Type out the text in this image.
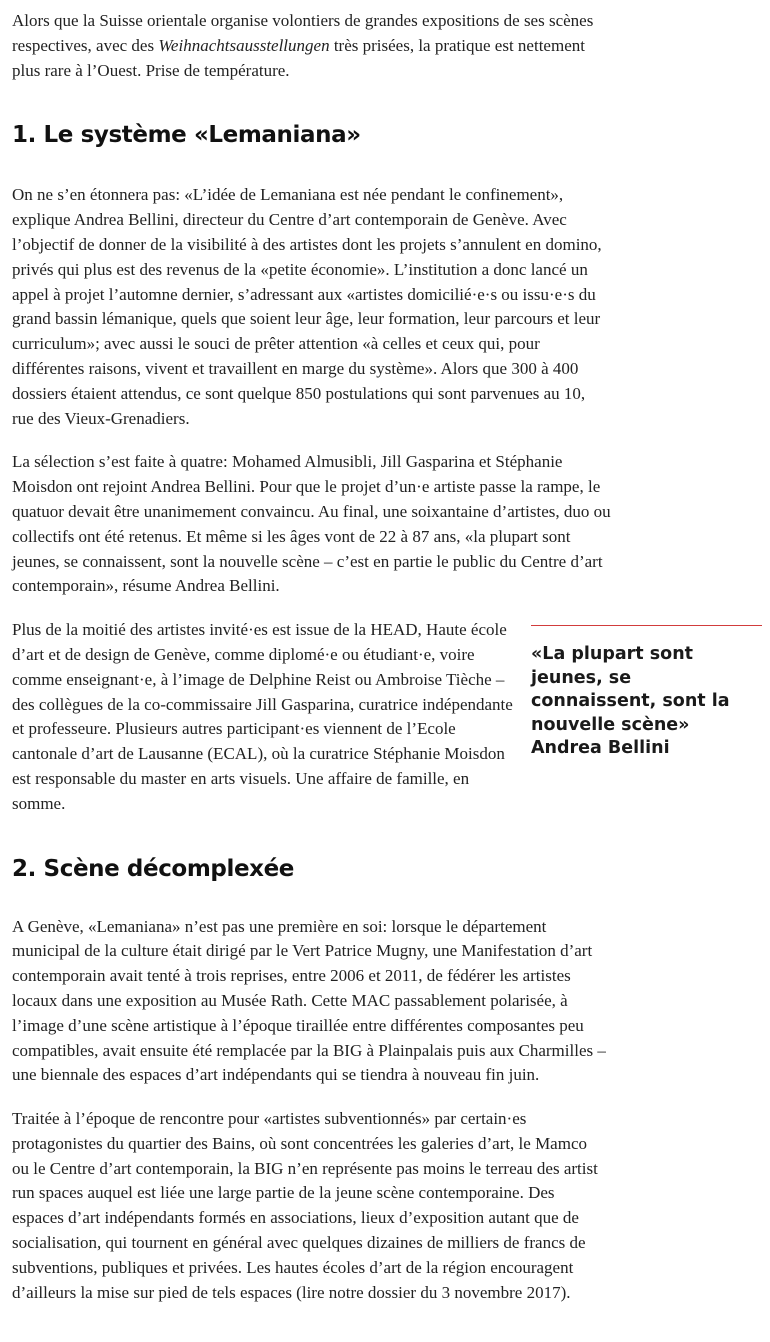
Alors que la Suisse orientale organise volontiers de grandes expositions de ses scènes respectives, avec des Weihnachtsausstellungen très prisées, la pratique est nettement plus rare à l’Ouest. Prise de température.

1. Le système «Lemaniana»

On ne s’en étonnera pas: «L’idée de Lemaniana est née pendant le confinement», explique Andrea Bellini, directeur du Centre d’art contemporain de Genève. Avec l’objectif de donner de la visibilité à des artistes dont les projets s’annulent en domino, privés qui plus est des revenus de la «petite économie». L’institution a donc lancé un appel à projet l’automne dernier, s’adressant aux «artistes domicilié·e·s ou issu·e·s du grand bassin lémanique, quels que soient leur âge, leur formation, leur parcours et leur curriculum»; avec aussi le souci de prêter attention «à celles et ceux qui, pour différentes raisons, vivent et travaillent en marge du système». Alors que 300 à 400 dossiers étaient attendus, ce sont quelque 850 postulations qui sont parvenues au 10, rue des Vieux-Grenadiers.

La sélection s’est faite à quatre: Mohamed Almusibli, Jill Gasparina et Stéphanie Moisdon ont rejoint Andrea Bellini. Pour que le projet d’un·e artiste passe la rampe, le quatuor devait être unanimement convaincu. Au final, une soixantaine d’artistes, duo ou collectifs ont été retenus. Et même si les âges vont de 22 à 87 ans, «la plupart sont jeunes, se connaissent, sont la nouvelle scène – c’est en partie le public du Centre d’art contemporain», résume Andrea Bellini.

Plus de la moitié des artistes invité·es est issue de la HEAD, Haute école d’art et de design de Genève, comme diplomé·e ou étudiant·e, voire comme enseignant·e, à l’image de Delphine Reist ou Ambroise Tièche – des collègues de la co-commissaire Jill Gasparina, curatrice indépendante et professeure. Plusieurs autres participant·es viennent de l’Ecole cantonale d’art de Lausanne (ECAL), où la curatrice Stéphanie Moisdon est responsable du master en arts visuels. Une affaire de famille, en somme.

2. Scène décomplexée

A Genève, «Lemaniana» n’est pas une première en soi: lorsque le département municipal de la culture était dirigé par le Vert Patrice Mugny, une Manifestation d’art contemporain avait tenté à trois reprises, entre 2006 et 2011, de fédérer les artistes locaux dans une exposition au Musée Rath. Cette MAC passablement polarisée, à l’image d’une scène artistique à l’époque tiraillée entre différentes composantes peu compatibles, avait ensuite été remplacée par la BIG à Plainpalais puis aux Charmilles – une biennale des espaces d’art indépendants qui se tiendra à nouveau fin juin.

Traitée à l’époque de rencontre pour «artistes subventionnés» par certain·es protagonistes du quartier des Bains, où sont concentrées les galeries d’art, le Mamco ou le Centre d’art contemporain, la BIG n’en représente pas moins le terreau des artist run spaces auquel est liée une large partie de la jeune scène contemporaine. Des espaces d’art indépendants formés en associations, lieux d’exposition autant que de socialisation, qui tournent en général avec quelques dizaines de milliers de francs de subventions, publiques et privées. Les hautes écoles d’art de la région encouragent d’ailleurs la mise sur pied de tels espaces (lire notre dossier du 3 novembre 2017).

«La plupart sont jeunes, se connaissent, sont la nouvelle scène» Andrea Bellini
